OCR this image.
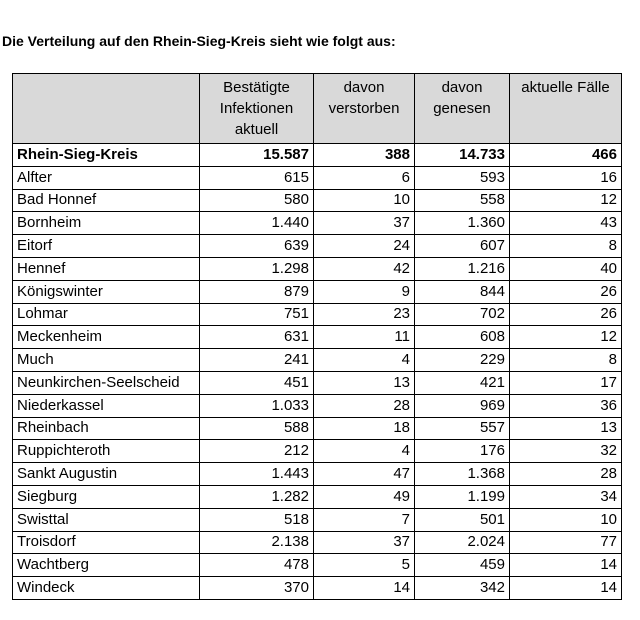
Die Verteilung auf den Rhein-Sieg-Kreis sieht wie folgt aus:
	Bestätigte Infektionen aktuell	davon verstorben	davon genesen	aktuelle Fälle
Rhein-Sieg-Kreis	15.587	388	14.733	466
Alfter	615	6	593	16
Bad Honnef	580	10	558	12
Bornheim	1.440	37	1.360	43
Eitorf	639	24	607	8
Hennef	1.298	42	1.216	40
Königswinter	879	9	844	26
Lohmar	751	23	702	26
Meckenheim	631	11	608	12
Much	241	4	229	8
Neunkirchen-Seelscheid	451	13	421	17
Niederkassel	1.033	28	969	36
Rheinbach	588	18	557	13
Ruppichteroth	212	4	176	32
Sankt Augustin	1.443	47	1.368	28
Siegburg	1.282	49	1.199	34
Swisttal	518	7	501	10
Troisdorf	2.138	37	2.024	77
Wachtberg	478	5	459	14
Windeck	370	14	342	14
